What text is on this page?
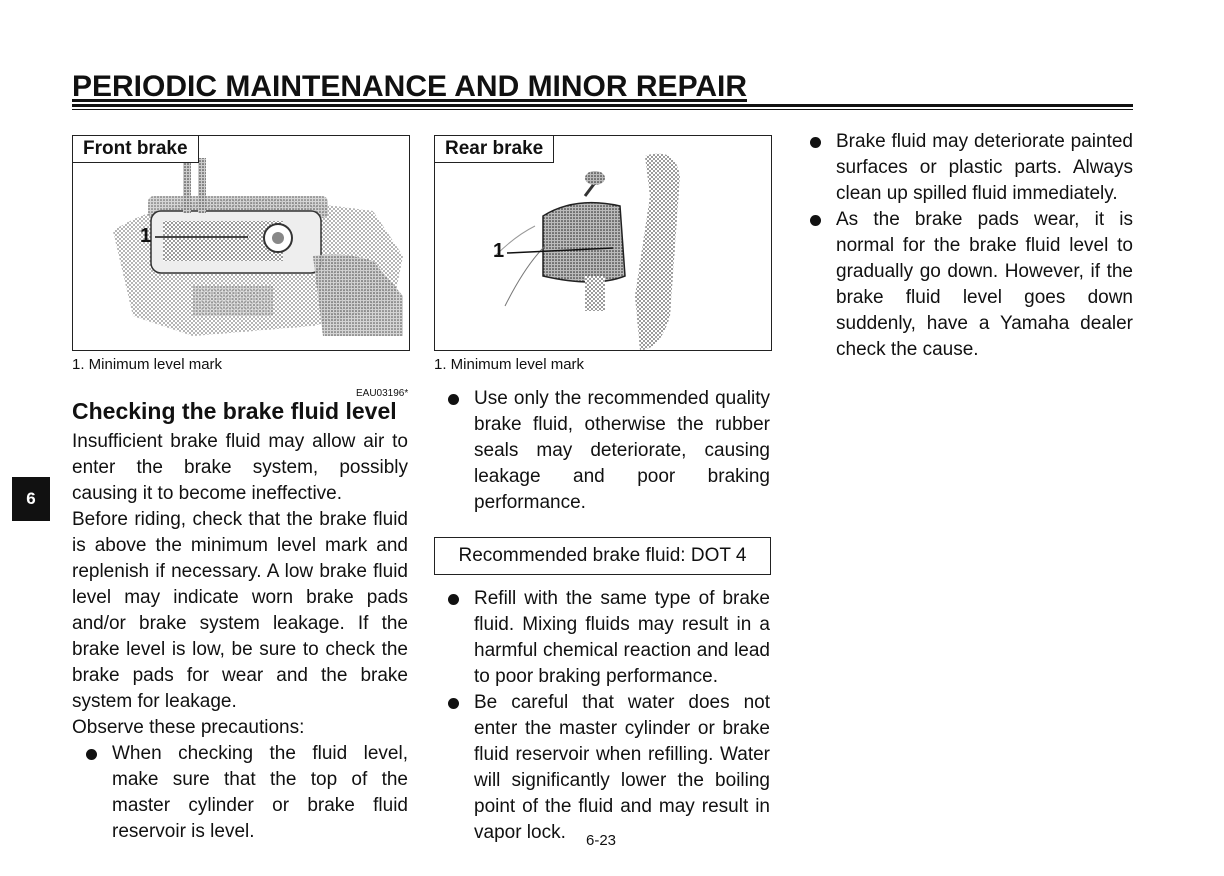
PERIODIC MAINTENANCE AND MINOR REPAIR
Front brake
1
1. Minimum level mark
Rear brake
1
1. Minimum level mark
EAU03196*
Checking the brake fluid level

Insufficient brake fluid may allow air to enter the brake system, possibly causing it to become ineffective.

Before riding, check that the brake fluid is above the minimum level mark and replenish if necessary. A low brake fluid level may indicate worn brake pads and/or brake system leakage. If the brake level is low, be sure to check the brake pads for wear and the brake system for leakage.

Observe these precautions:

When checking the fluid level, make sure that the top of the master cylinder or brake fluid reservoir is level.
Use only the recommended quality brake fluid, otherwise the rubber seals may deteriorate, causing leakage and poor braking performance.
Recommended brake fluid: DOT 4
Refill with the same type of brake fluid. Mixing fluids may result in a harmful chemical reaction and lead to poor braking performance.
Be careful that water does not enter the master cylinder or brake fluid reservoir when refilling. Water will significantly lower the boiling point of the fluid and may result in vapor lock.
Brake fluid may deteriorate painted surfaces or plastic parts. Always clean up spilled fluid immediately.
As the brake pads wear, it is normal for the brake fluid level to gradually go down. However, if the brake fluid level goes down suddenly, have a Yamaha dealer check the cause.
6
6-23
